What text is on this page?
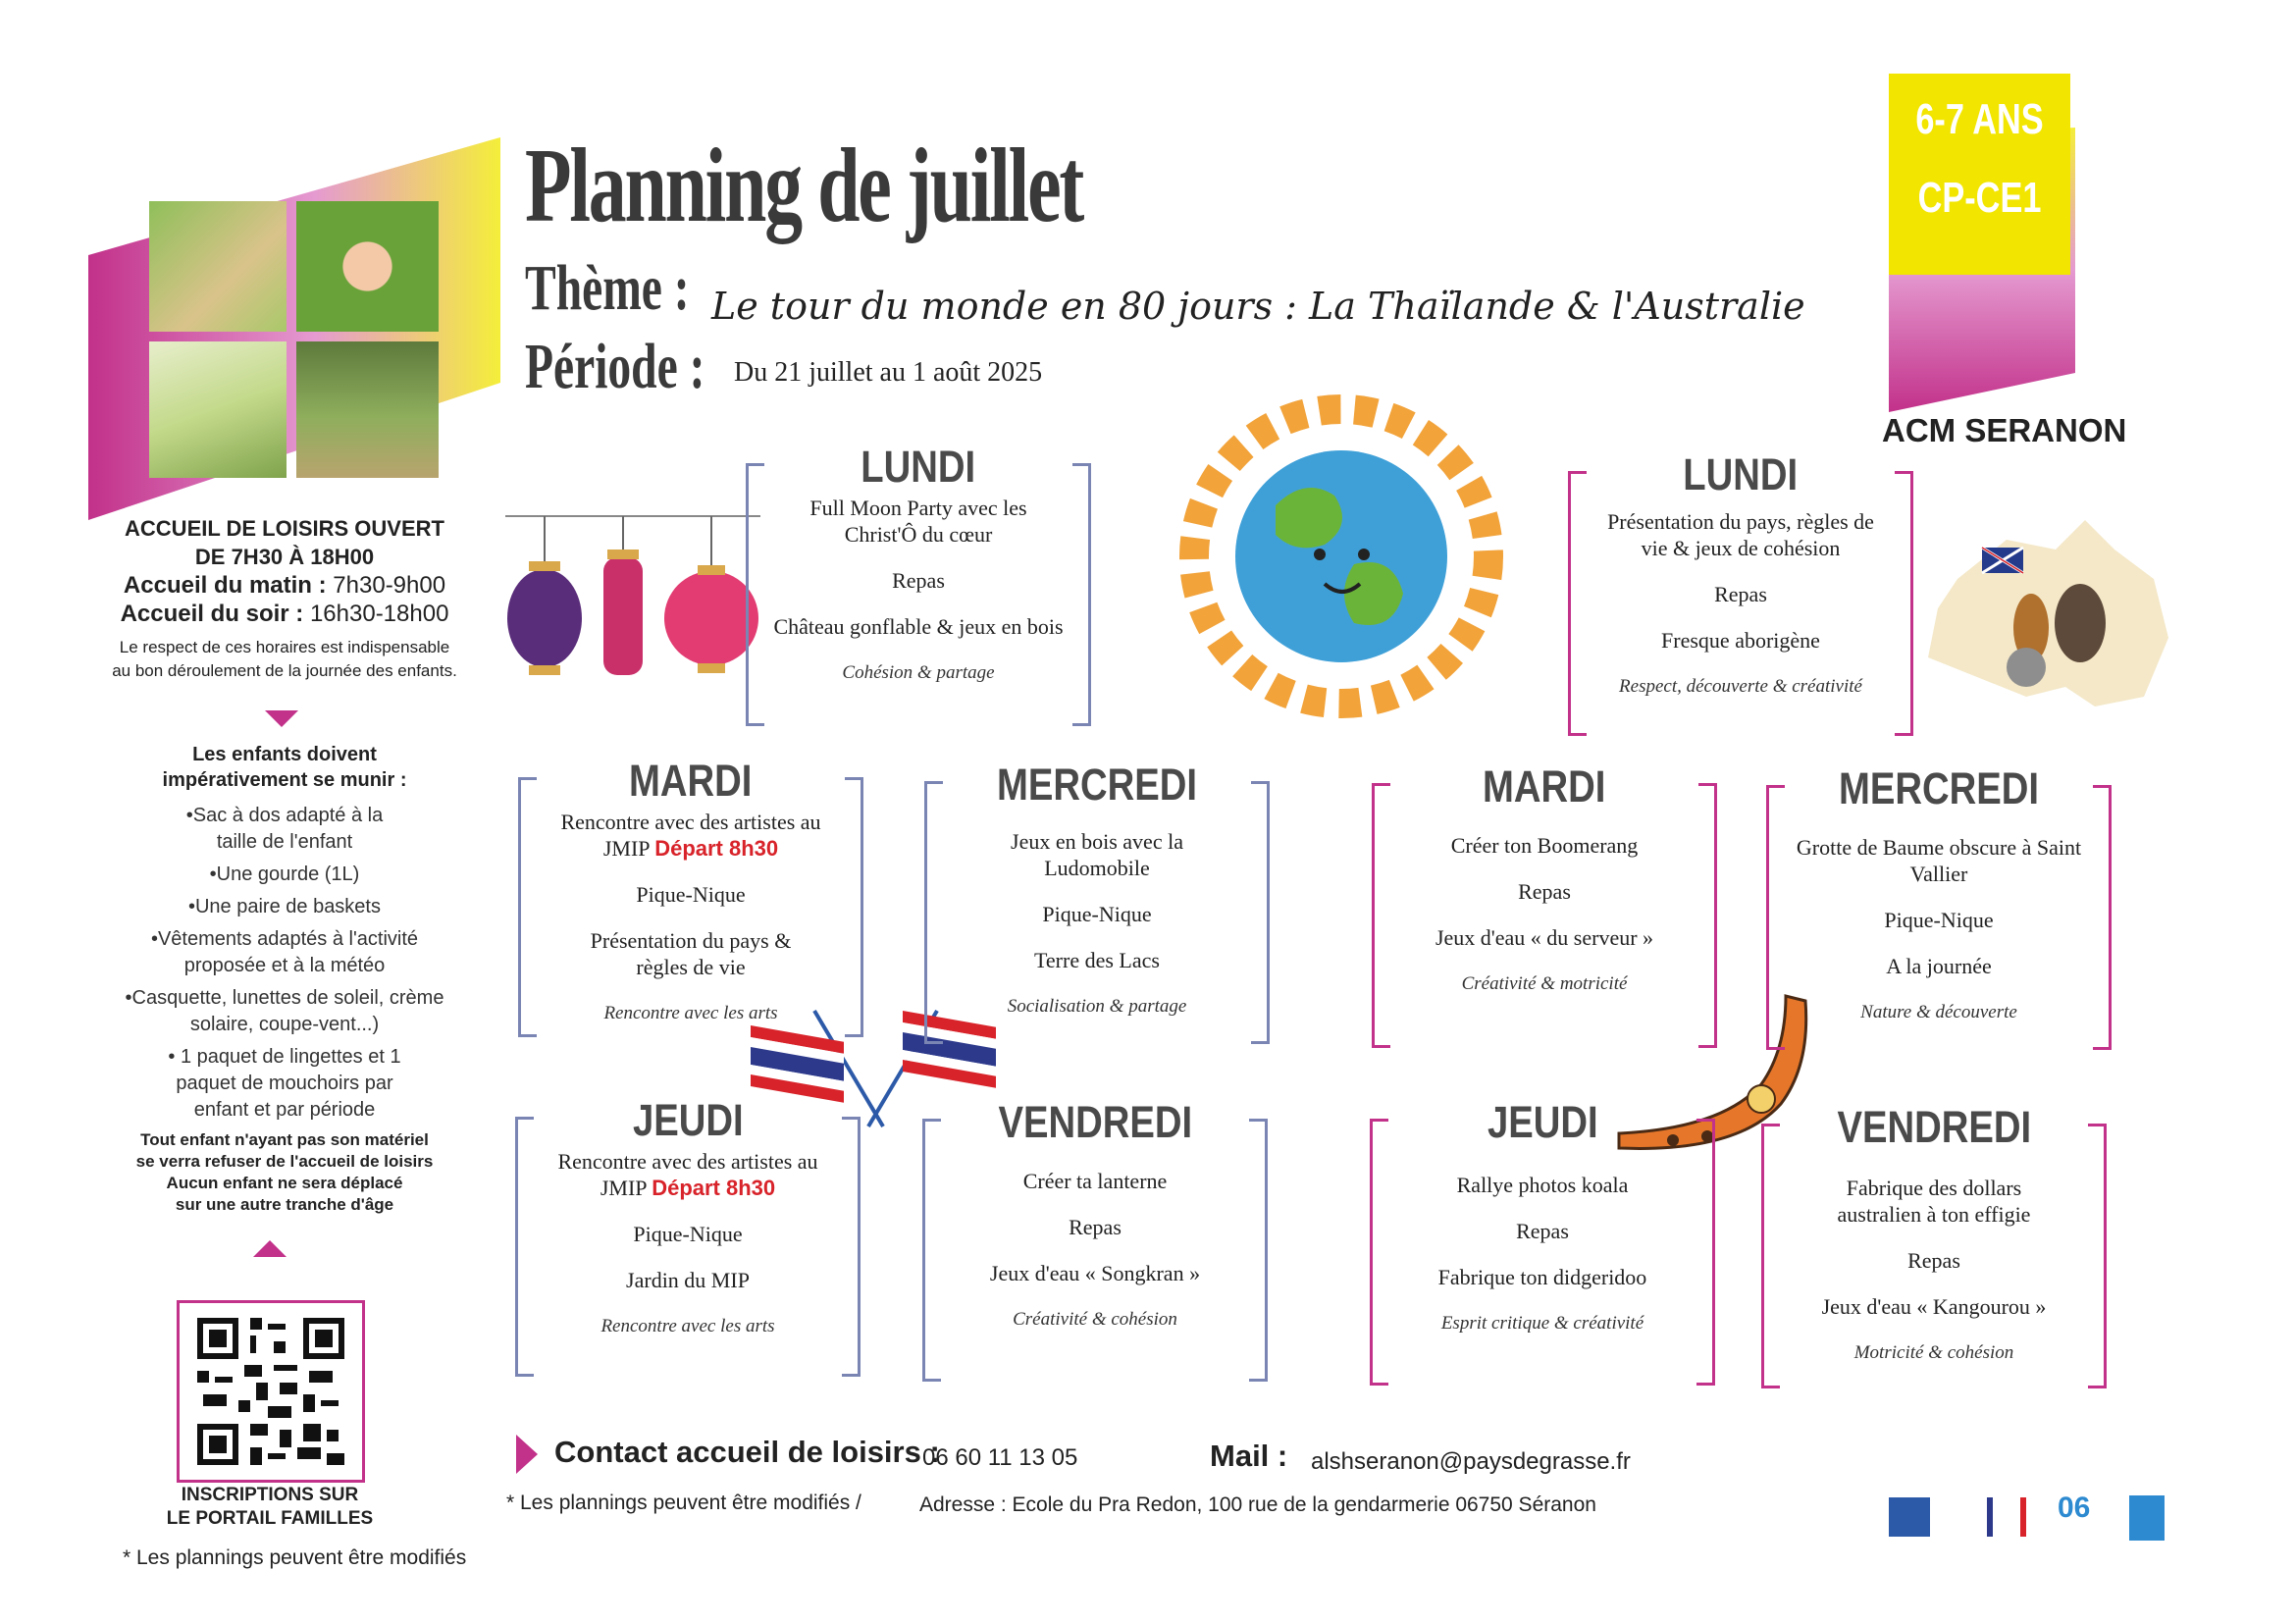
6-7 ANS
CP-CE1
ACM SERANON
Planning de juillet
Thème : Le tour du monde en 80 jours : La Thaïlande & l'Australie
Période : Du 21 juillet au 1 août 2025
ACCUEIL DE LOISIRS OUVERT
DE 7H30 À 18H00
Accueil du matin : 7h30-9h00
Accueil du soir : 16h30-18h00
Le respect de ces horaires est indispensable
au bon déroulement de la journée des enfants.
Les enfants doivent
impérativement se munir :
•Sac à dos adapté à la taille de l'enfant
•Une gourde (1L)
•Une paire de baskets
•Vêtements adaptés à l'activité proposée et à la météo
•Casquette, lunettes de soleil, crème solaire, coupe-vent...)
• 1 paquet de lingettes et 1 paquet de mouchoirs par enfant et par période
Tout enfant n'ayant pas son matériel
se verra refuser de l'accueil de loisirs
Aucun enfant ne sera déplacé
sur une autre tranche d'âge
INSCRIPTIONS SUR
LE PORTAIL FAMILLES
* Les plannings peuvent être modifiés
LUNDI
Full Moon Party avec les Christ'Ô du cœur
Repas
Château gonflable & jeux en bois
Cohésion & partage
MARDI
Rencontre avec des artistes au JMIP Départ 8h30
Pique-Nique
Présentation du pays & règles de vie
Rencontre avec les arts
MERCREDI
Jeux en bois avec la Ludomobile
Pique-Nique
Terre des Lacs
Socialisation & partage
JEUDI
Rencontre avec des artistes au JMIP Départ 8h30
Pique-Nique
Jardin du MIP
Rencontre avec les arts
VENDREDI
Créer ta lanterne
Repas
Jeux d'eau « Songkran »
Créativité & cohésion
LUNDI
Présentation du pays, règles de vie & jeux de cohésion
Repas
Fresque aborigène
Respect, découverte & créativité
MARDI
Créer ton Boomerang
Repas
Jeux d'eau « du serveur »
Créativité & motricité
MERCREDI
Grotte de Baume obscure à Saint Vallier
Pique-Nique
A la journée
Nature & découverte
JEUDI
Rallye photos koala
Repas
Fabrique ton didgeridoo
Esprit critique & créativité
VENDREDI
Fabrique des dollars australien à ton effigie
Repas
Jeux d'eau « Kangourou »
Motricité & cohésion
Contact accueil de loisirs :
06 60 11 13 05	Mail : alshseranon@paysdegrasse.fr
* Les plannings peuvent être modifiés /	Adresse : Ecole du Pra Redon, 100 rue de la gendarmerie 06750 Séranon	06
